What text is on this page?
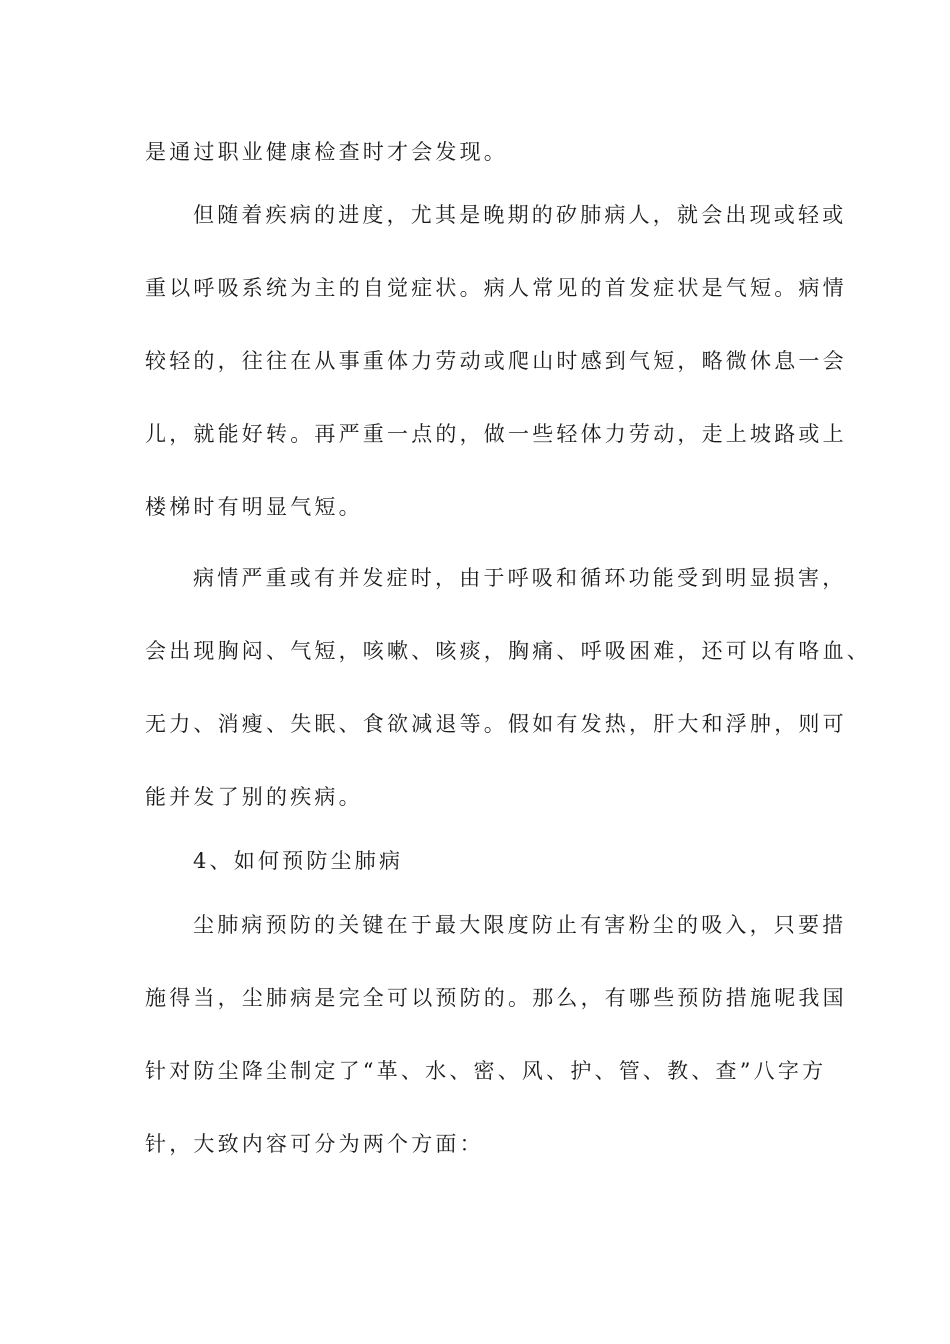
是通过职业健康检查时才会发现。
但随着疾病的进度，尤其是晚期的矽肺病人，就会出现或轻或
重以呼吸系统为主的自觉症状。病人常见的首发症状是气短。病情
较轻的，往往在从事重体力劳动或爬山时感到气短，略微休息一会
儿，就能好转。再严重一点的，做一些轻体力劳动，走上坡路或上
楼梯时有明显气短。
病情严重或有并发症时，由于呼吸和循环功能受到明显损害，
会出现胸闷、气短，咳嗽、咳痰，胸痛、呼吸困难，还可以有咯血、
无力、消瘦、失眠、食欲减退等。假如有发热，肝大和浮肿，则可
能并发了别的疾病。
4、如何预防尘肺病
尘肺病预防的关键在于最大限度防止有害粉尘的吸入，只要措
施得当，尘肺病是完全可以预防的。那么，有哪些预防措施呢我国
针对防尘降尘制定了“革、水、密、风、护、管、教、查”八字方
针，大致内容可分为两个方面：
